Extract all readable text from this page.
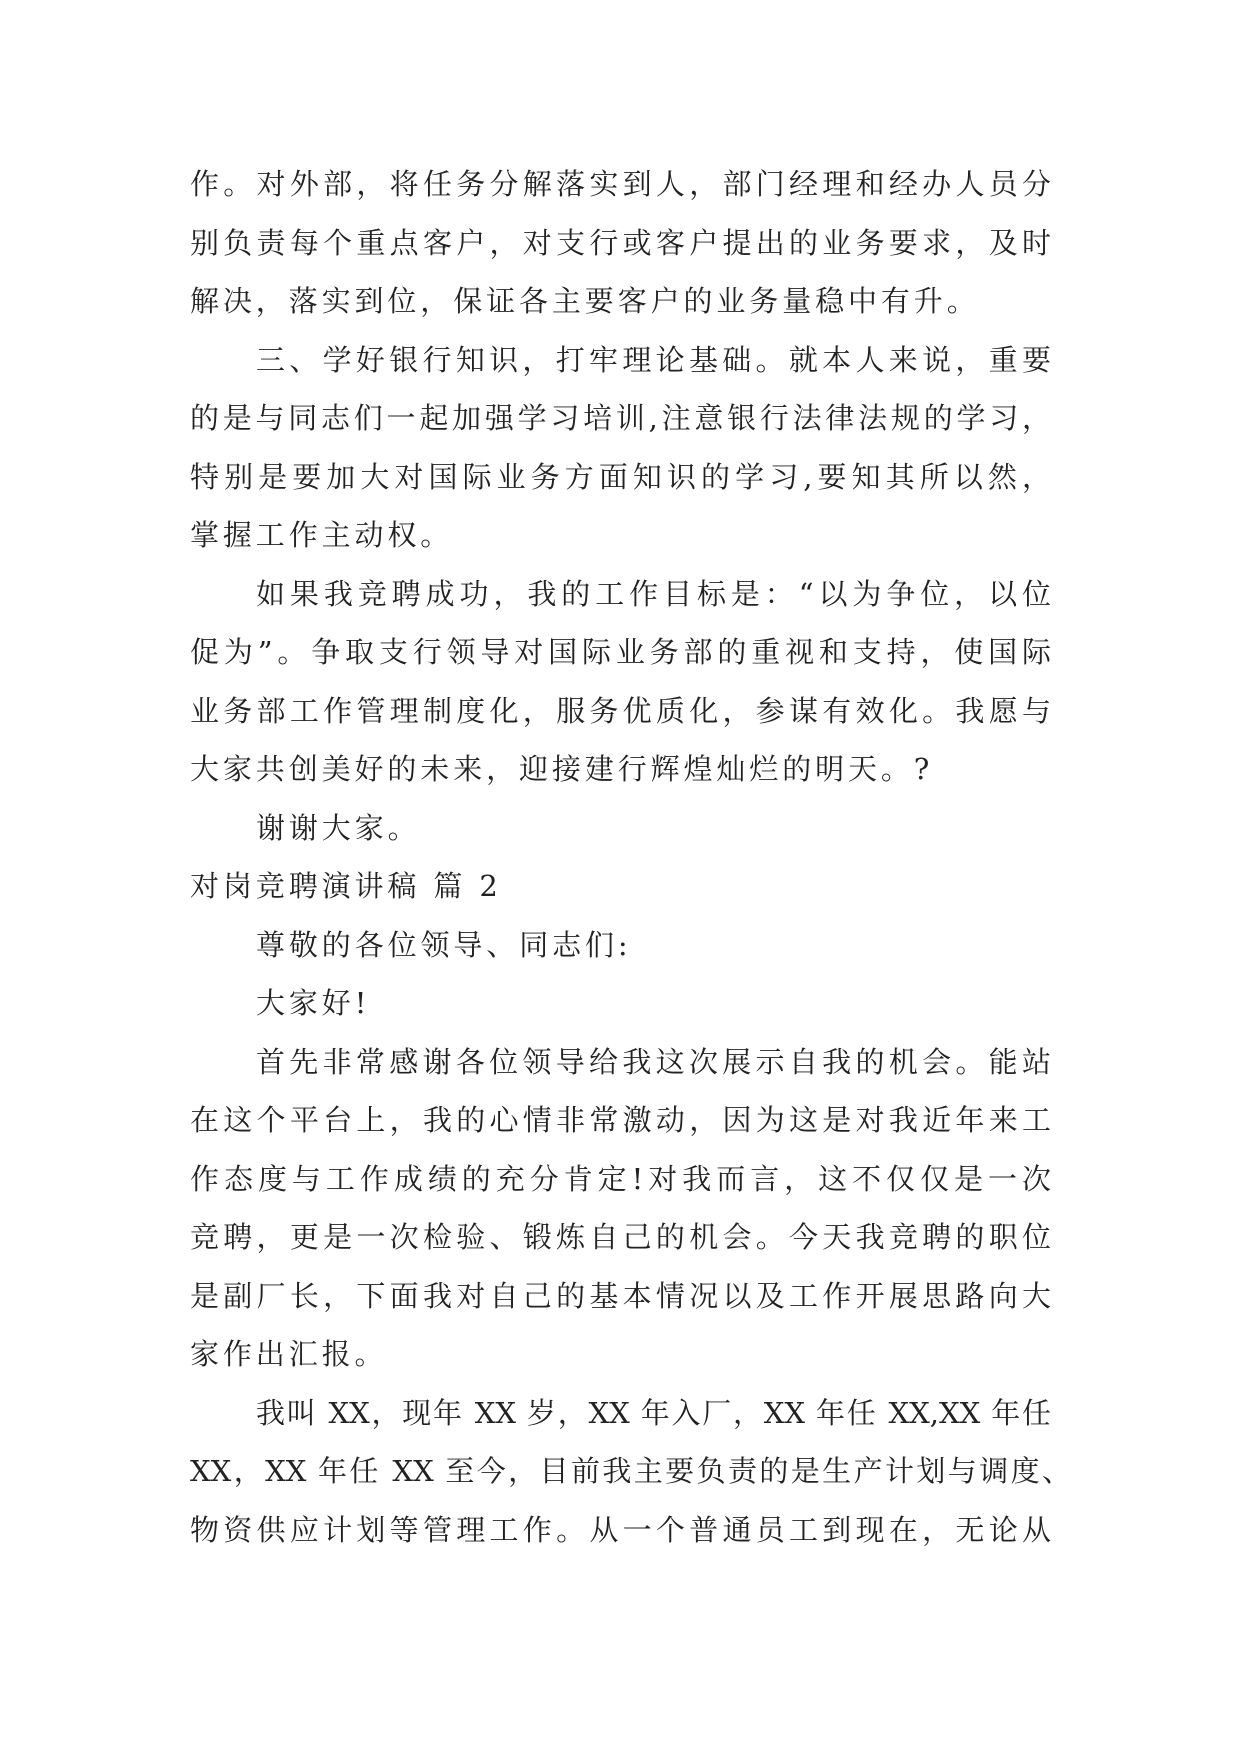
作。对外部，将任务分解落实到人，部门经理和经办人员分
别负责每个重点客户，对支行或客户提出的业务要求，及时
解决，落实到位，保证各主要客户的业务量稳中有升。
三、学好银行知识，打牢理论基础。就本人来说，重要
的是与同志们一起加强学习培训,注意银行法律法规的学习，
特别是要加大对国际业务方面知识的学习,要知其所以然，
掌握工作主动权。
如果我竞聘成功，我的工作目标是：“以为争位，以位
促为”。争取支行领导对国际业务部的重视和支持，使国际
业务部工作管理制度化，服务优质化，参谋有效化。我愿与
大家共创美好的未来，迎接建行辉煌灿烂的明天。?
谢谢大家。
对岗竞聘演讲稿 篇 2
尊敬的各位领导、同志们:
大家好!
首先非常感谢各位领导给我这次展示自我的机会。能站
在这个平台上，我的心情非常激动，因为这是对我近年来工
作态度与工作成绩的充分肯定!对我而言，这不仅仅是一次
竞聘，更是一次检验、锻炼自己的机会。今天我竞聘的职位
是副厂长，下面我对自己的基本情况以及工作开展思路向大
家作出汇报。
我叫 XX，现年 XX 岁，XX 年入厂，XX 年任 XX,XX 年任
XX，XX 年任 XX 至今，目前我主要负责的是生产计划与调度、
物资供应计划等管理工作。从一个普通员工到现在，无论从
